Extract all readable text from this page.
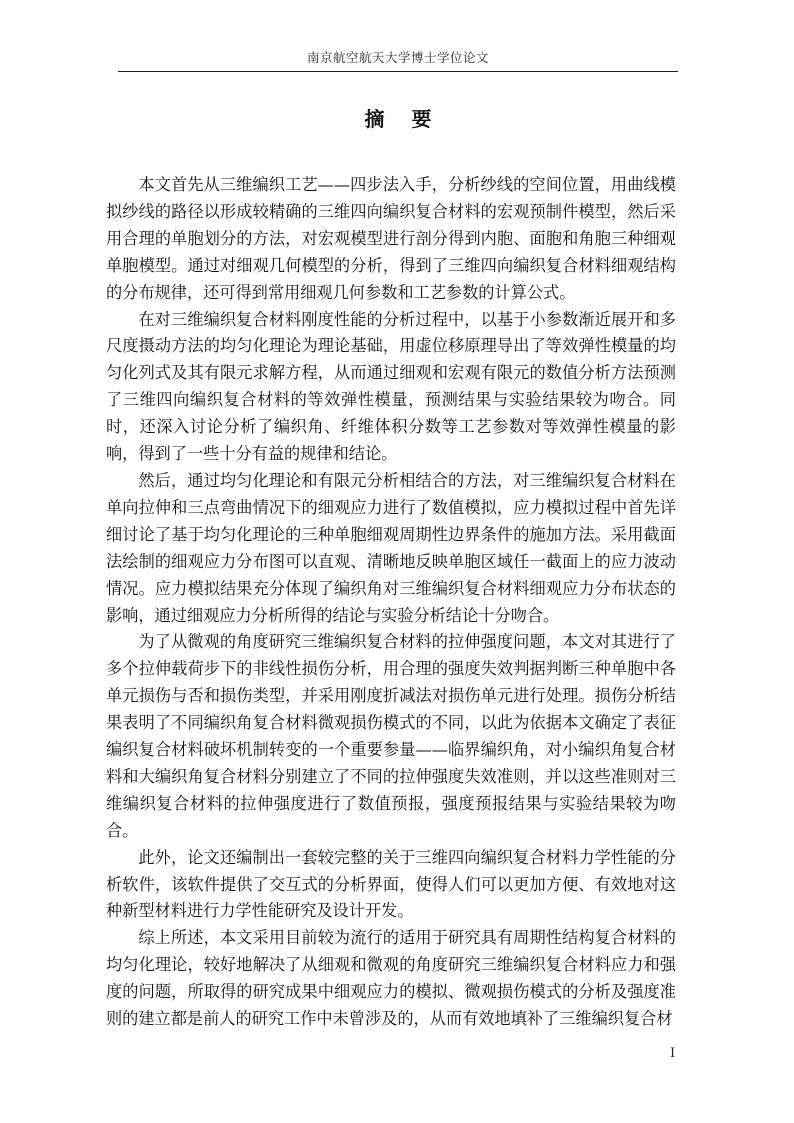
南京航空航天大学博士学位论文
摘 要

本文首先从三维编织工艺——四步法入手，分析纱线的空间位置，用曲线模拟纱线的路径以形成较精确的三维四向编织复合材料的宏观预制件模型，然后采用合理的单胞划分的方法，对宏观模型进行剖分得到内胞、面胞和角胞三种细观单胞模型。通过对细观几何模型的分析，得到了三维四向编织复合材料细观结构的分布规律，还可得到常用细观几何参数和工艺参数的计算公式。

在对三维编织复合材料刚度性能的分析过程中，以基于小参数渐近展开和多尺度摄动方法的均匀化理论为理论基础，用虚位移原理导出了等效弹性模量的均匀化列式及其有限元求解方程，从而通过细观和宏观有限元的数值分析方法预测了三维四向编织复合材料的等效弹性模量，预测结果与实验结果较为吻合。同时，还深入讨论分析了编织角、纤维体积分数等工艺参数对等效弹性模量的影响，得到了一些十分有益的规律和结论。

然后，通过均匀化理论和有限元分析相结合的方法，对三维编织复合材料在单向拉伸和三点弯曲情况下的细观应力进行了数值模拟，应力模拟过程中首先详细讨论了基于均匀化理论的三种单胞细观周期性边界条件的施加方法。采用截面法绘制的细观应力分布图可以直观、清晰地反映单胞区域任一截面上的应力波动情况。应力模拟结果充分体现了编织角对三维编织复合材料细观应力分布状态的影响，通过细观应力分析所得的结论与实验分析结论十分吻合。

为了从微观的角度研究三维编织复合材料的拉伸强度问题，本文对其进行了多个拉伸载荷步下的非线性损伤分析，用合理的强度失效判据判断三种单胞中各单元损伤与否和损伤类型，并采用刚度折减法对损伤单元进行处理。损伤分析结果表明了不同编织角复合材料微观损伤模式的不同，以此为依据本文确定了表征编织复合材料破坏机制转变的一个重要参量——临界编织角，对小编织角复合材料和大编织角复合材料分别建立了不同的拉伸强度失效准则，并以这些准则对三维编织复合材料的拉伸强度进行了数值预报，强度预报结果与实验结果较为吻合。

此外，论文还编制出一套较完整的关于三维四向编织复合材料力学性能的分析软件，该软件提供了交互式的分析界面，使得人们可以更加方便、有效地对这种新型材料进行力学性能研究及设计开发。

综上所述，本文采用目前较为流行的适用于研究具有周期性结构复合材料的均匀化理论，较好地解决了从细观和微观的角度研究三维编织复合材料应力和强度的问题，所取得的研究成果中细观应力的模拟、微观损伤模式的分析及强度准则的建立都是前人的研究工作中未曾涉及的，从而有效地填补了三维编织复合材

I
